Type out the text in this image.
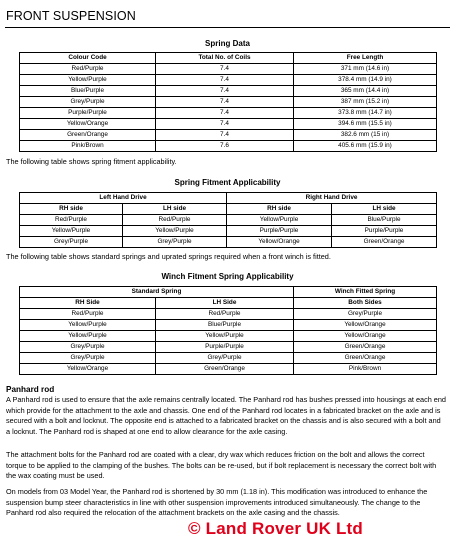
FRONT SUSPENSION
Spring Data
Colour Code	Total No. of Coils	Free Length
Red/Purple	7.4	371 mm (14.6 in)
Yellow/Purple	7.4	378.4 mm (14.9 in)
Blue/Purple	7.4	365 mm (14.4 in)
Grey/Purple	7.4	387 mm (15.2 in)
Purple/Purple	7.4	373.8 mm (14.7 in)
Yellow/Orange	7.4	394.6 mm (15.5 in)
Green/Orange	7.4	382.6 mm (15 in)
Pink/Brown	7.6	405.6 mm (15.9 in)
The following table shows spring fitment applicability.
Spring Fitment Applicability
Left Hand Drive		Right Hand Drive	
RH side	LH side	RH side	LH side
Red/Purple	Red/Purple	Yellow/Purple	Blue/Purple
Yellow/Purple	Yellow/Purple	Purple/Purple	Purple/Purple
Grey/Purple	Grey/Purple	Yellow/Orange	Green/Orange
The following table shows standard springs and uprated springs required when a front winch is fitted.
Winch Fitment Spring Applicability
Standard Spring		Winch Fitted Spring
RH Side	LH Side	Both Sides
Red/Purple	Red/Purple	Grey/Purple
Yellow/Purple	Blue/Purple	Yellow/Orange
Yellow/Purple	Yellow/Purple	Yellow/Orange
Grey/Purple	Purple/Purple	Green/Orange
Grey/Purple	Grey/Purple	Green/Orange
Yellow/Orange	Green/Orange	Pink/Brown
Panhard rod
A Panhard rod is used to ensure that the axle remains centrally located. The Panhard rod has bushes pressed into housings at each end which provide for the attachment to the axle and chassis. One end of the Panhard rod locates in a fabricated bracket on the axle and is secured with a bolt and locknut. The opposite end is attached to a fabricated bracket on the chassis and is also secured with a bolt and a locknut. The Panhard rod is shaped at one end to allow clearance for the axle casing.
The attachment bolts for the Panhard rod are coated with a clear, dry wax which reduces friction on the bolt and allows the correct torque to be applied to the clamping of the bushes. The bolts can be re-used, but if bolt replacement is necessary the correct bolt with the wax coating must be used.
On models from 03 Model Year, the Panhard rod is shortened by 30 mm (1.18 in). This modification was introduced to enhance the suspension bump steer characteristics in line with other suspension improvements introduced simultaneously. The change to the Panhard rod also required the relocation of the attachment brackets on the axle casing and the chassis.
© Land Rover UK Ltd
